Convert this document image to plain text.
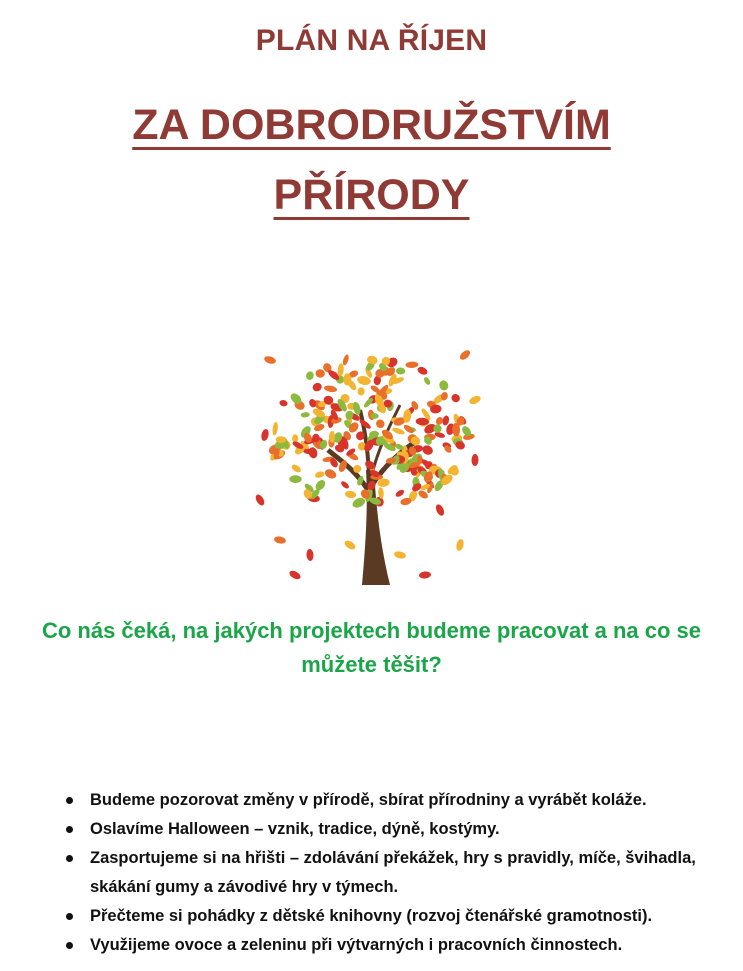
PLÁN NA ŘÍJEN
ZA DOBRODRUŽSTVÍM
PŘÍRODY
Co nás čeká, na jakých projektech budeme pracovat a na co se můžete těšit?
Budeme pozorovat změny v přírodě, sbírat přírodniny a vyrábět koláže.
Oslavíme Halloween – vznik, tradice, dýně, kostýmy.
Zasportujeme si na hřišti – zdolávání překážek, hry s pravidly, míče, švihadla, skákání gumy a závodivé hry v týmech.
Přečteme si pohádky z dětské knihovny (rozvoj čtenářské gramotnosti).
Využijeme ovoce a zeleninu při výtvarných i pracovních činnostech.
